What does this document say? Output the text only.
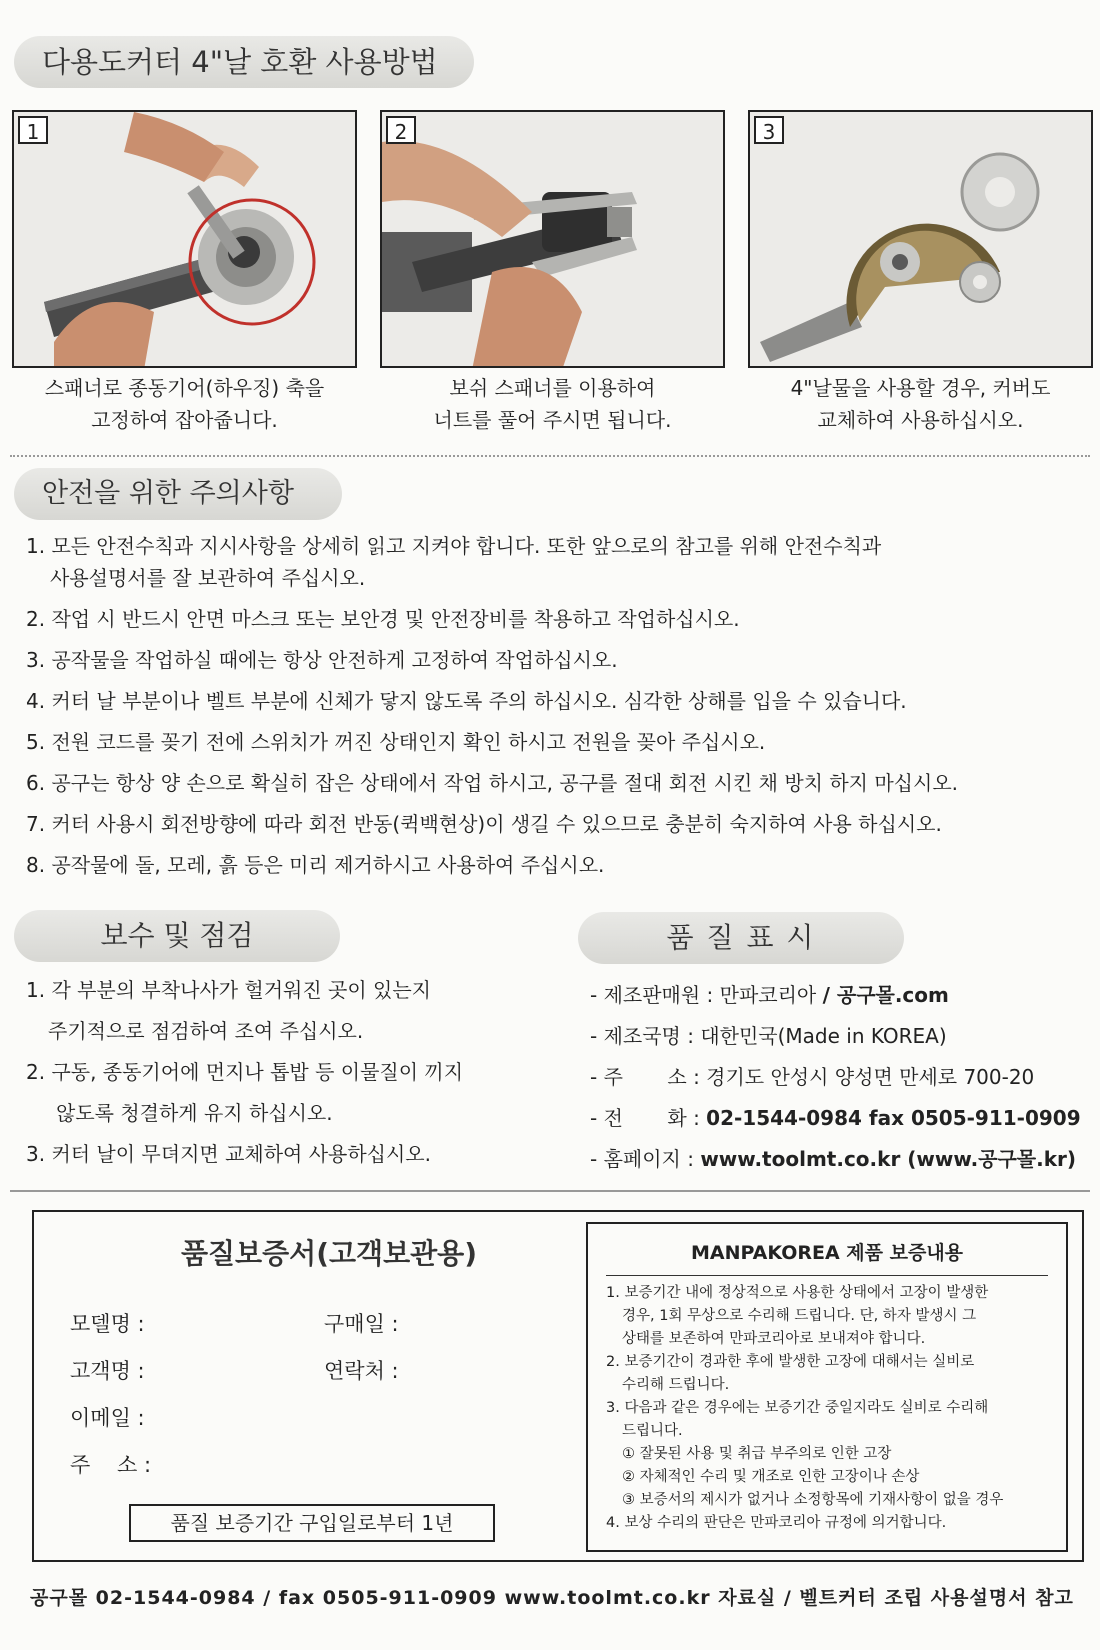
다용도커터 4"날 호환 사용방법
1	2	3
스패너로 종동기어(하우징) 축을
고정하여 잡아줍니다.
보쉬 스패너를 이용하여
너트를 풀어 주시면 됩니다.
4"날물을 사용할 경우, 커버도
교체하여 사용하십시오.
안전을 위한 주의사항
1. 모든 안전수칙과 지시사항을 상세히 읽고 지켜야 합니다. 또한 앞으로의 참고를 위해 안전수칙과
사용설명서를 잘 보관하여 주십시오.
2. 작업 시 반드시 안면 마스크 또는 보안경 및 안전장비를 착용하고 작업하십시오.
3. 공작물을 작업하실 때에는 항상 안전하게 고정하여 작업하십시오.
4. 커터 날 부분이나 벨트 부분에 신체가 닿지 않도록 주의 하십시오. 심각한 상해를 입을 수 있습니다.
5. 전원 코드를 꽂기 전에 스위치가 꺼진 상태인지 확인 하시고 전원을 꽂아 주십시오.
6. 공구는 항상 양 손으로 확실히 잡은 상태에서 작업 하시고, 공구를 절대 회전 시킨 채 방치 하지 마십시오.
7. 커터 사용시 회전방향에 따라 회전 반동(퀵백현상)이 생길 수 있으므로 충분히 숙지하여 사용 하십시오.
8. 공작물에 돌, 모레, 흙 등은 미리 제거하시고 사용하여 주십시오.
보수 및 점검
1. 각 부분의 부착나사가 헐거워진 곳이 있는지
주기적으로 점검하여 조여 주십시오.
2. 구동, 종동기어에 먼지나 톱밥 등 이물질이 끼지
않도록 청결하게 유지 하십시오.
3. 커터 날이 무뎌지면 교체하여 사용하십시오.
품 질 표 시
- 제조판매원 : 만파코리아 / 공구몰.com
- 제조국명 : 대한민국(Made in KOREA)
- 주       소 : 경기도 안성시 양성면 만세로 700-20
- 전       화 : 02-1544-0984 fax 0505-911-0909
- 홈페이지 : www.toolmt.co.kr (www.공구몰.kr)
품질보증서(고객보관용)
모델명 :	구매일 :
고객명 :	연락처 :
이메일 :
주    소 :
품질 보증기간 구입일로부터 1년
MANPAKOREA 제품 보증내용
1. 보증기간 내에 정상적으로 사용한 상태에서 고장이 발생한
경우, 1회 무상으로 수리해 드립니다. 단, 하자 발생시 그
상태를 보존하여 만파코리아로 보내져야 합니다.
2. 보증기간이 경과한 후에 발생한 고장에 대해서는 실비로
수리해 드립니다.
3. 다음과 같은 경우에는 보증기간 중일지라도 실비로 수리해
드립니다.
① 잘못된 사용 및 취급 부주의로 인한 고장
② 자체적인 수리 및 개조로 인한 고장이나 손상
③ 보증서의 제시가 없거나 소정항목에 기재사항이 없을 경우
4. 보상 수리의 판단은 만파코리아 규정에 의거합니다.
공구몰 02-1544-0984 / fax 0505-911-0909 www.toolmt.co.kr 자료실 / 벨트커터 조립 사용설명서 참고
